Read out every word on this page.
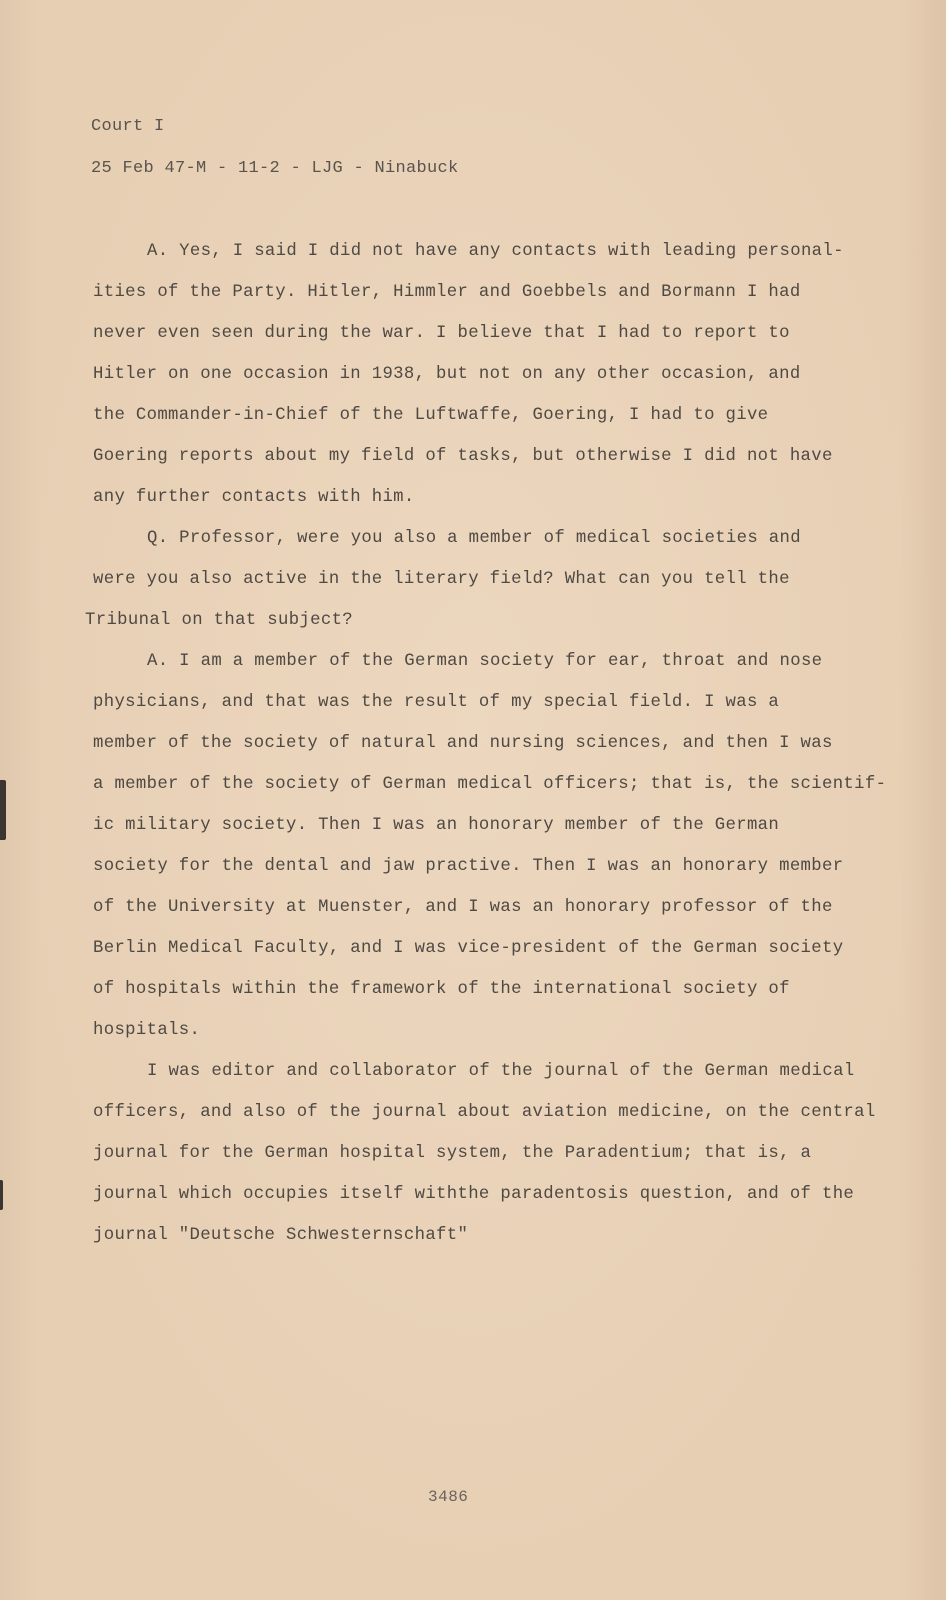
Court I
25 Feb 47-M - 11-2 - LJG - Ninabuck
A. Yes, I said I did not have any contacts with leading personal-
ities of the Party. Hitler, Himmler and Goebbels and Bormann I had
never even seen during the war. I believe that I had to report to
Hitler on one occasion in 1938, but not on any other occasion, and
the Commander-in-Chief of the Luftwaffe, Goering, I had to give
Goering reports about my field of tasks, but otherwise I did not have
any further contacts with him.
Q. Professor, were you also a member of medical societies and
were you also active in the literary field? What can you tell the
Tribunal on that subject?
A. I am a member of the German society for ear, throat and nose
physicians, and that was the result of my special field. I was a
member of the society of natural and nursing sciences, and then I was
a member of the society of German medical officers; that is, the scientif-
ic military society. Then I was an honorary member of the German
society for the dental and jaw practive. Then I was an honorary member
of the University at Muenster, and I was an honorary professor of the
Berlin Medical Faculty, and I was vice-president of the German society
of hospitals within the framework of the international society of
hospitals.
I was editor and collaborator of the journal of the German medical
officers, and also of the journal about aviation medicine, on the central
journal for the German hospital system, the Paradentium; that is, a
journal which occupies itself withthe paradentosis question, and of the
journal "Deutsche Schwesternschaft"
3486
